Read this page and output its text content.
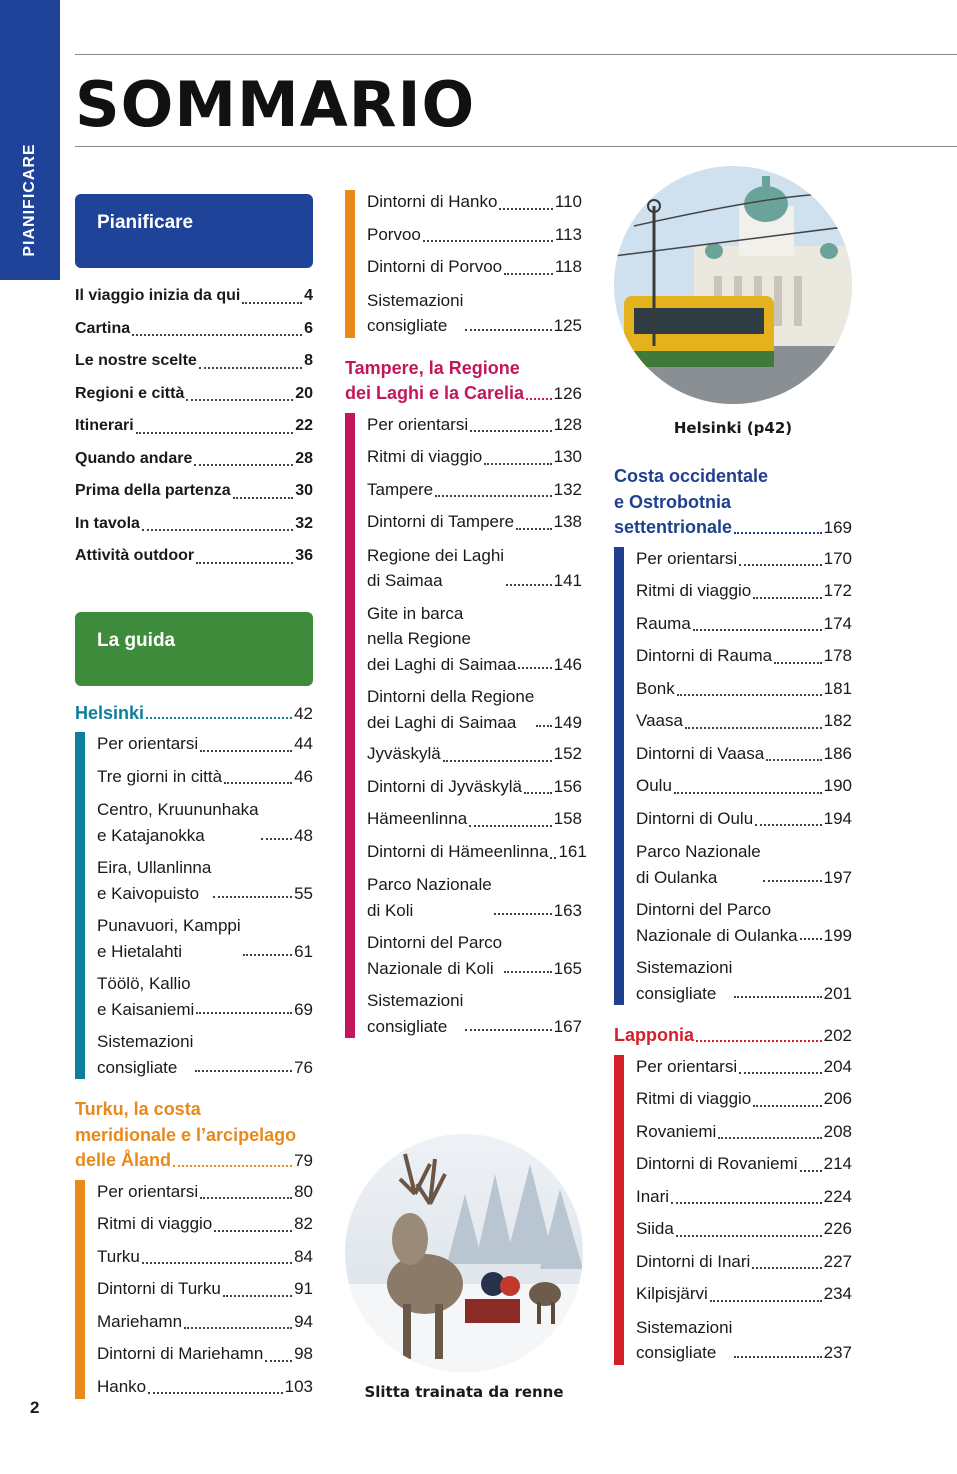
PIANIFICARE
SOMMARIO
Pianificare
Il viaggio inizia da qui	4
Cartina	6
Le nostre scelte	8
Regioni e città	20
Itinerari	22
Quando andare	28
Prima della partenza	30
In tavola	32
Attività outdoor	36
La guida
Helsinki	42
Per orientarsi	44
Tre giorni in città	46
Centro, Kruununhaka
e Katajanokka	48
Eira, Ullanlinna
e Kaivopuisto	55
Punavuori, Kamppi
e Hietalahti	61
Töölö, Kallio
e Kaisaniemi	69
Sistemazioni
consigliate	76
Turku, la costa
meridionale e l’arcipelago
delle Åland	79
Per orientarsi	80
Ritmi di viaggio	82
Turku	84
Dintorni di Turku	91
Mariehamn	94
Dintorni di Mariehamn 98
Hanko	103
Dintorni di Hanko	110
Porvoo	113
Dintorni di Porvoo	118
Sistemazioni
consigliate	125
Tampere, la Regione
dei Laghi e la Carelia 126
Per orientarsi	128
Ritmi di viaggio	130
Tampere	132
Dintorni di Tampere 138
Regione dei Laghi
di Saimaa	141
Gite in barca
nella Regione
dei Laghi di Saimaa 146
Dintorni della Regione
dei Laghi di Saimaa	149
Jyväskylä	152
Dintorni di Jyväskylä 156
Hämeenlinna	158
Dintorni di Hämeenlinna 161
Parco Nazionale
di Koli	163
Dintorni del Parco
Nazionale di Koli	165
Sistemazioni
consigliate	167
Slitta trainata da renne
Helsinki (p42)
Costa occidentale
e Ostrobotnia
settentrionale	169
Per orientarsi	170
Ritmi di viaggio	172
Rauma	174
Dintorni di Rauma	178
Bonk	181
Vaasa	182
Dintorni di Vaasa	186
Oulu	190
Dintorni di Oulu	194
Parco Nazionale
di Oulanka	197
Dintorni del Parco
Nazionale di Oulanka 199
Sistemazioni
consigliate	201
Lapponia	202
Per orientarsi	204
Ritmi di viaggio	206
Rovaniemi	208
Dintorni di Rovaniemi 214
Inari	224
Siida	226
Dintorni di Inari	227
Kilpisjärvi	234
Sistemazioni
consigliate	237
2
